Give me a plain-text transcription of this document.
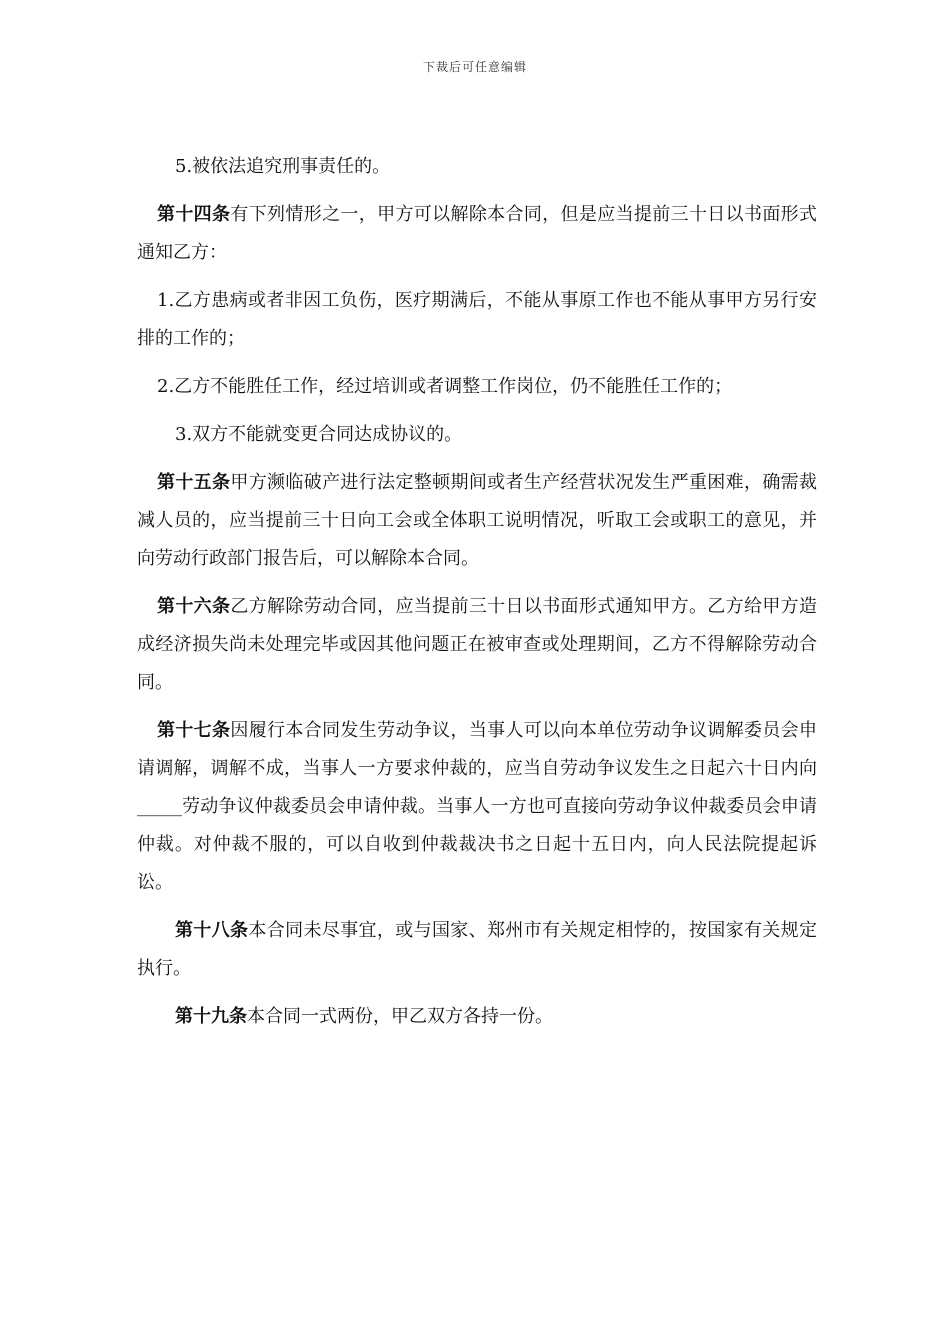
下裁后可任意编辑

5.被依法追究刑事责任的。

第十四条有下列情形之一，甲方可以解除本合同，但是应当提前三十日以书面形式通知乙方：

1.乙方患病或者非因工负伤，医疗期满后，不能从事原工作也不能从事甲方另行安排的工作的；

2.乙方不能胜任工作，经过培训或者调整工作岗位，仍不能胜任工作的；

3.双方不能就变更合同达成协议的。

第十五条甲方濒临破产进行法定整顿期间或者生产经营状况发生严重困难，确需裁减人员的，应当提前三十日向工会或全体职工说明情况，听取工会或职工的意见，并向劳动行政部门报告后，可以解除本合同。

第十六条乙方解除劳动合同，应当提前三十日以书面形式通知甲方。乙方给甲方造成经济损失尚未处理完毕或因其他问题正在被审查或处理期间，乙方不得解除劳动合同。

第十七条因履行本合同发生劳动争议，当事人可以向本单位劳动争议调解委员会申请调解，调解不成，当事人一方要求仲裁的，应当自劳动争议发生之日起六十日内向_____劳动争议仲裁委员会申请仲裁。当事人一方也可直接向劳动争议仲裁委员会申请仲裁。对仲裁不服的，可以自收到仲裁裁决书之日起十五日内，向人民法院提起诉讼。

第十八条本合同未尽事宜，或与国家、郑州市有关规定相悖的，按国家有关规定执行。

第十九条本合同一式两份，甲乙双方各持一份。
